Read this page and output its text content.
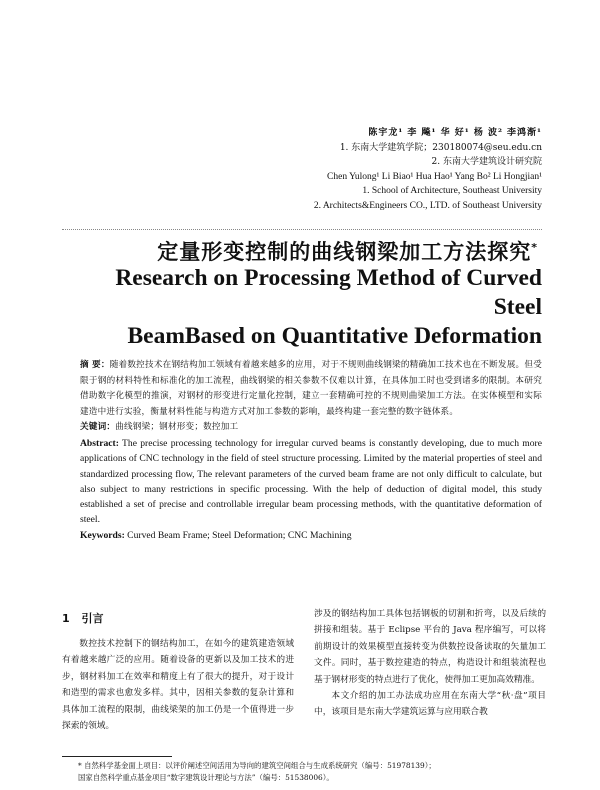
陈宇龙¹ 李 飚¹ 华 好¹ 杨 波² 李鸿渐¹
1. 东南大学建筑学院；230180074@seu.edu.cn
2. 东南大学建筑设计研究院
Chen Yulong¹ Li Biao¹ Hua Hao¹ Yang Bo² Li Hongjian¹
1. School of Architecture, Southeast University
2. Architects&Engineers CO., LTD. of Southeast University
定量形变控制的曲线钢梁加工方法探究*
Research on Processing Method of Curved Steel
BeamBased on Quantitative Deformation

摘 要：随着数控技术在钢结构加工领域有着越来越多的应用，对于不规则曲线钢梁的精确加工技术也在不断发展。但受限于钢的材料特性和标准化的加工流程，曲线钢梁的相关参数不仅难以计算，在具体加工时也受到诸多的限制。本研究借助数字化模型的推演，对钢材的形变进行定量化控制，建立一套精确可控的不规则曲梁加工方法。在实体模型和实际建造中进行实验，衡量材料性能与构造方式对加工参数的影响，最终构建一套完整的数字链体系。

关键词：曲线钢梁；钢材形变；数控加工

Abstract: The precise processing technology for irregular curved beams is constantly developing, due to much more applications of CNC technology in the field of steel structure processing. Limited by the material properties of steel and standardized processing flow, The relevant parameters of the curved beam frame are not only difficult to calculate, but also subject to many restrictions in specific processing. With the help of deduction of digital model, this study established a set of precise and controllable irregular beam processing methods, with the quantitative deformation of steel.

Keywords: Curved Beam Frame; Steel Deformation; CNC Machining

1 引言

数控技术控制下的钢结构加工，在如今的建筑建造领域有着越来越广泛的应用。随着设备的更新以及加工技术的进步，钢材料加工在效率和精度上有了很大的提升，对于设计和造型的需求也愈发多样。其中，因相关参数的复杂计算和具体加工流程的限制，曲线梁架的加工仍是一个值得进一步探索的领域。

涉及的钢结构加工具体包括钢板的切割和折弯，以及后续的拼接和组装。基于 Eclipse 平台的 Java 程序编写，可以将前期设计的效果模型直接转变为供数控设备读取的矢量加工文件。同时，基于数控建造的特点，构造设计和组装流程也基于钢材形变的特点进行了优化，使得加工更加高效精准。

本文介绍的加工办法成功应用在东南大学“秋·盘”项目中，该项目是东南大学建筑运算与应用联合教

* 自然科学基金面上项目：以评价阐述空间活用为导向的建筑空间组合与生成系统研究（编号：51978139）；
国家自然科学重点基金项目“数字建筑设计理论与方法”（编号：51538006）。
